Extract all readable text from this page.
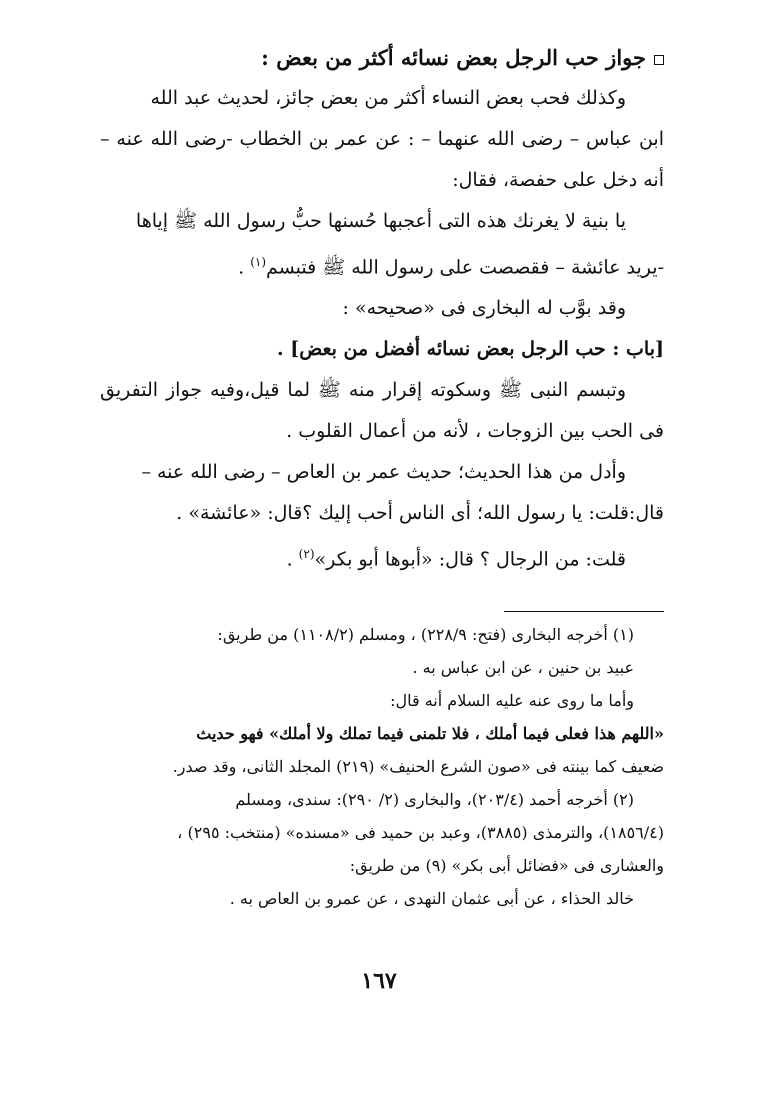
جواز حب الرجل بعض نسائه أكثر من بعض :

وكذلك فحب بعض النساء أكثر من بعض جائز، لحديث عبد الله

ابن عباس – رضى الله عنهما – : عن عمر بن الخطاب -رضى الله عنه –

أنه دخل على حفصة، فقال:

يا بنية لا يغرنك هذه التى أعجبها حُسنها حبُّ رسول الله ﷺ إياها

-يريد عائشة – فقصصت على رسول الله ﷺ فتبسم$^{(١)}$ .

وقد بوَّب له البخارى فى «صحيحه» :

[باب : حب الرجل بعض نسائه أفضل من بعض] .

وتبسم النبى ﷺ وسكوته إقرار منه ﷺ لما قيل،وفيه جواز التفريق

فى الحب بين الزوجات ، لأنه من أعمال القلوب .

وأدل من هذا الحديث؛ حديث عمر بن العاص – رضى الله عنه –

قال:قلت: يا رسول الله؛ أى الناس أحب إليك ؟قال: «عائشة» .

قلت: من الرجال ؟ قال: «أبوها أبو بكر»$^{(٢)}$ .

(١) أخرجه البخارى (فتح: ٢٢٨/٩) ، ومسلم (١١٠٨/٢) من طريق:

عبيد بن حنين ، عن ابن عباس به .

وأما ما روى عنه عليه السلام أنه قال:

«اللهم هذا فعلى فيما أملك ، فلا تلمنى فيما تملك ولا أملك» فهو حديث

ضعيف كما بينته فى «صون الشرع الحنيف» (٢١٩) المجلد الثانى، وقد صدر.

(٢) أخرجه أحمد (٢٠٣/٤)، والبخارى (٢/ ٢٩٠): سندى، ومسلم

(١٨٥٦/٤)، والترمذى (٣٨٨٥)، وعبد بن حميد فى «مسنده» (منتخب: ٢٩٥) ،

والعشارى فى «فضائل أبى بكر» (٩) من طريق:

خالد الحذاء ، عن أبى عثمان النهدى ، عن عمرو بن العاص به .

١٦٧
